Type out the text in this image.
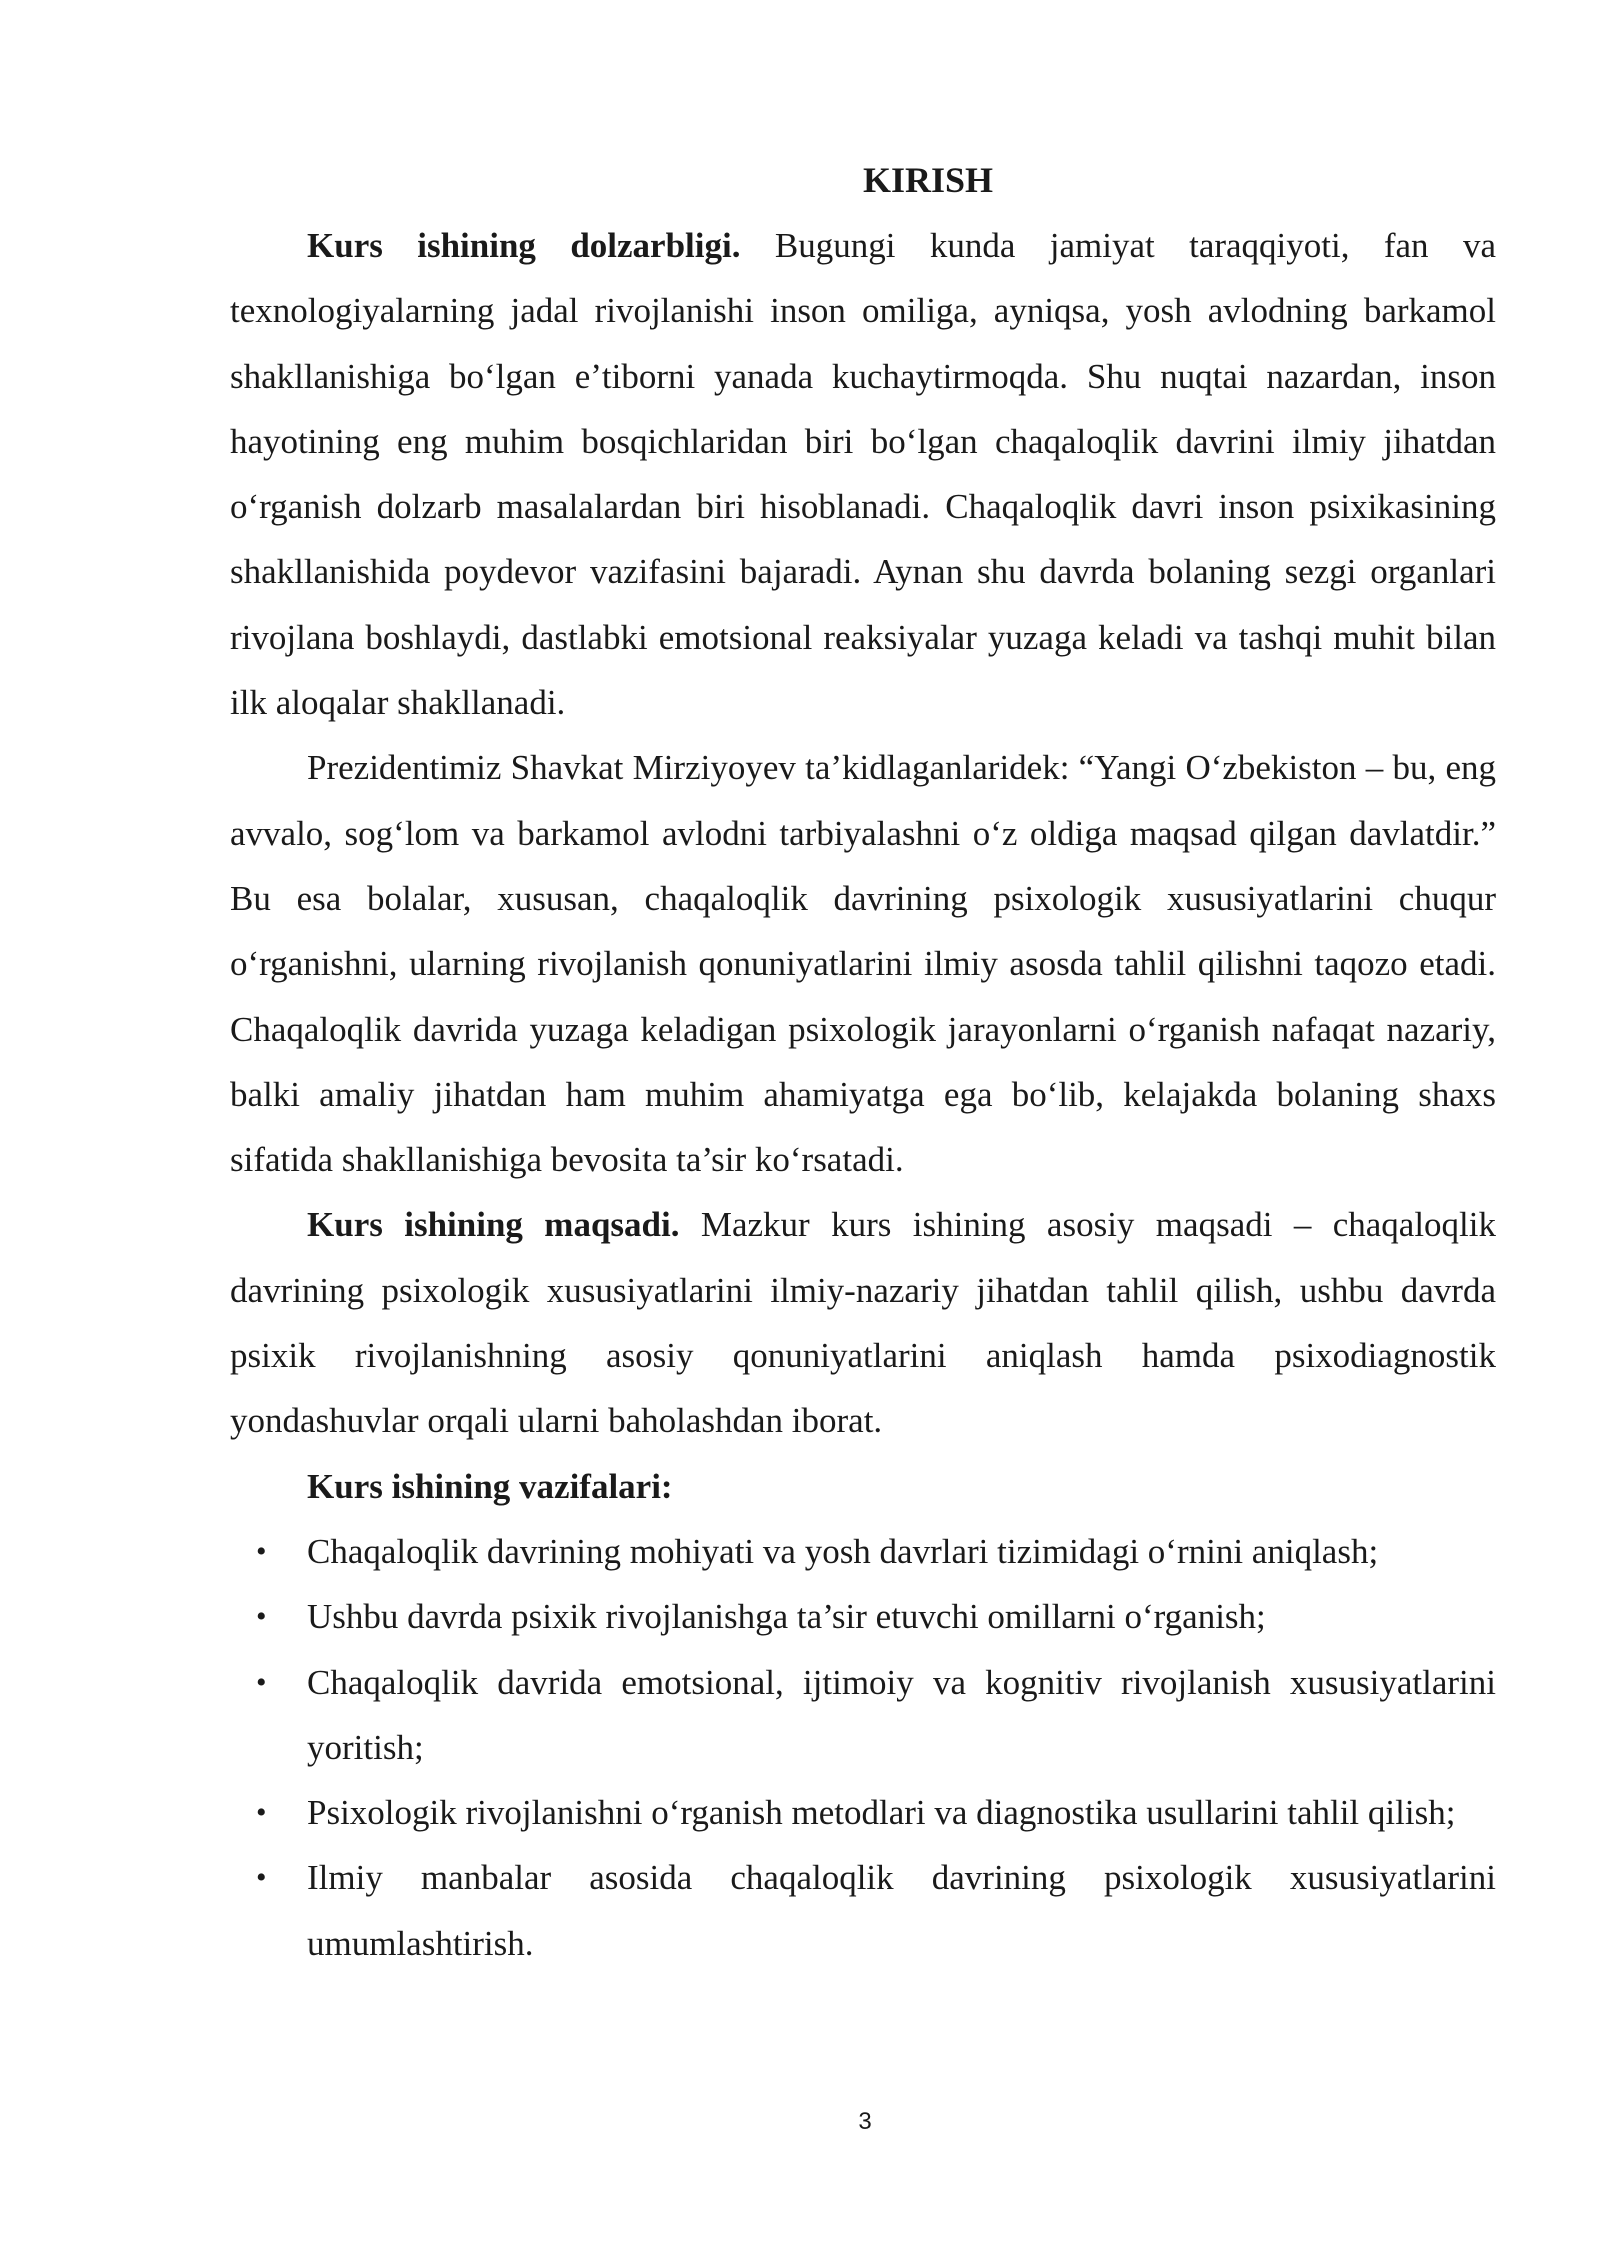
KIRISH

Kurs ishining dolzarbligi. Bugungi kunda jamiyat taraqqiyoti, fan va texnologiyalarning jadal rivojlanishi inson omiliga, ayniqsa, yosh avlodning barkamol shakllanishiga boʻlgan eʼtiborni yanada kuchaytirmoqda. Shu nuqtai nazardan, inson hayotining eng muhim bosqichlaridan biri boʻlgan chaqaloqlik davrini ilmiy jihatdan oʻrganish dolzarb masalalardan biri hisoblanadi. Chaqaloqlik davri inson psixikasining shakllanishida poydevor vazifasini bajaradi. Aynan shu davrda bolaning sezgi organlari rivojlana boshlaydi, dastlabki emotsional reaksiyalar yuzaga keladi va tashqi muhit bilan ilk aloqalar shakllanadi.

Prezidentimiz Shavkat Mirziyoyev ta’kidlaganlaridek: “Yangi Oʻzbekiston – bu, eng avvalo, sogʻlom va barkamol avlodni tarbiyalashni oʻz oldiga maqsad qilgan davlatdir.” Bu esa bolalar, xususan, chaqaloqlik davrining psixologik xususiyatlarini chuqur oʻrganishni, ularning rivojlanish qonuniyatlarini ilmiy asosda tahlil qilishni taqozo etadi. Chaqaloqlik davrida yuzaga keladigan psixologik jarayonlarni oʻrganish nafaqat nazariy, balki amaliy jihatdan ham muhim ahamiyatga ega boʻlib, kelajakda bolaning shaxs sifatida shakllanishiga bevosita ta’sir koʻrsatadi.

Kurs ishining maqsadi. Mazkur kurs ishining asosiy maqsadi – chaqaloqlik davrining psixologik xususiyatlarini ilmiy-nazariy jihatdan tahlil qilish, ushbu davrda psixik rivojlanishning asosiy qonuniyatlarini aniqlash hamda psixodiagnostik yondashuvlar orqali ularni baholashdan iborat.

Kurs ishining vazifalari:
• Chaqaloqlik davrining mohiyati va yosh davrlari tizimidagi oʻrnini aniqlash;
• Ushbu davrda psixik rivojlanishga ta’sir etuvchi omillarni oʻrganish;
• Chaqaloqlik davrida emotsional, ijtimoiy va kognitiv rivojlanish xususiyatlarini yoritish;
• Psixologik rivojlanishni oʻrganish metodlari va diagnostika usullarini tahlil qilish;
• Ilmiy manbalar asosida chaqaloqlik davrining psixologik xususiyatlarini umumlashtirish.
3
